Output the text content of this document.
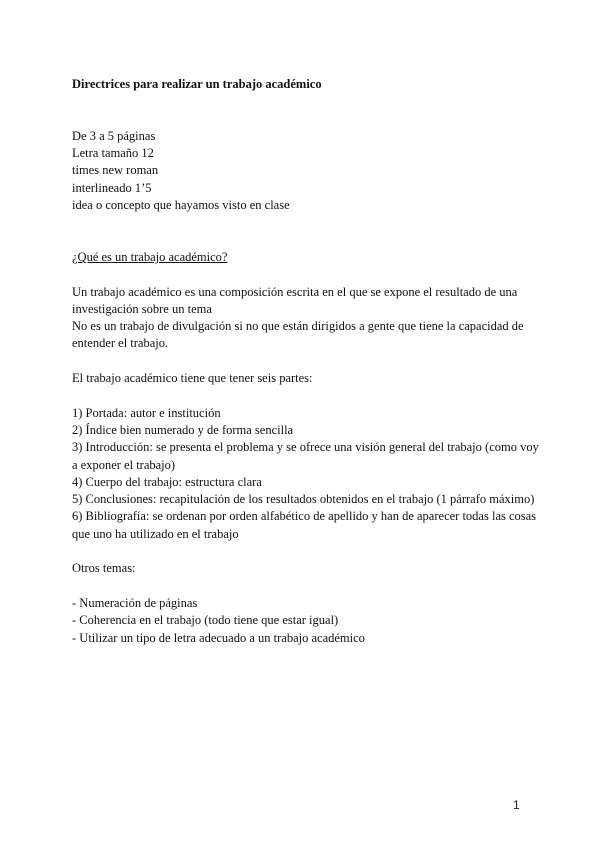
Directrices para realizar un trabajo académico

De 3 a 5 páginas

Letra tamaño 12

times new roman

interlineado 1’5

idea o concepto que hayamos visto en clase

¿Qué es un trabajo académico?

Un trabajo académico es una composición escrita en el que se expone el resultado de una investigación sobre un tema

No es un trabajo de divulgación si no que están dirigidos a gente que tiene la capacidad de entender el trabajo.

El trabajo académico tiene que tener seis partes:

1) Portada: autor e institución

2) Índice bien numerado y de forma sencilla

3) Introducción: se presenta el problema y se ofrece una visión general del trabajo (como voy a exponer el trabajo)

4) Cuerpo del trabajo: estructura clara

5) Conclusiones: recapitulación de los resultados obtenidos en el trabajo (1 párrafo máximo)

6) Bibliografía: se ordenan por orden alfabético de apellido y han de aparecer todas las cosas que uno ha utilizado en el trabajo

Otros temas:

- Numeración de páginas

- Coherencia en el trabajo (todo tiene que estar igual)

- Utilizar un tipo de letra adecuado a un trabajo académico

1
